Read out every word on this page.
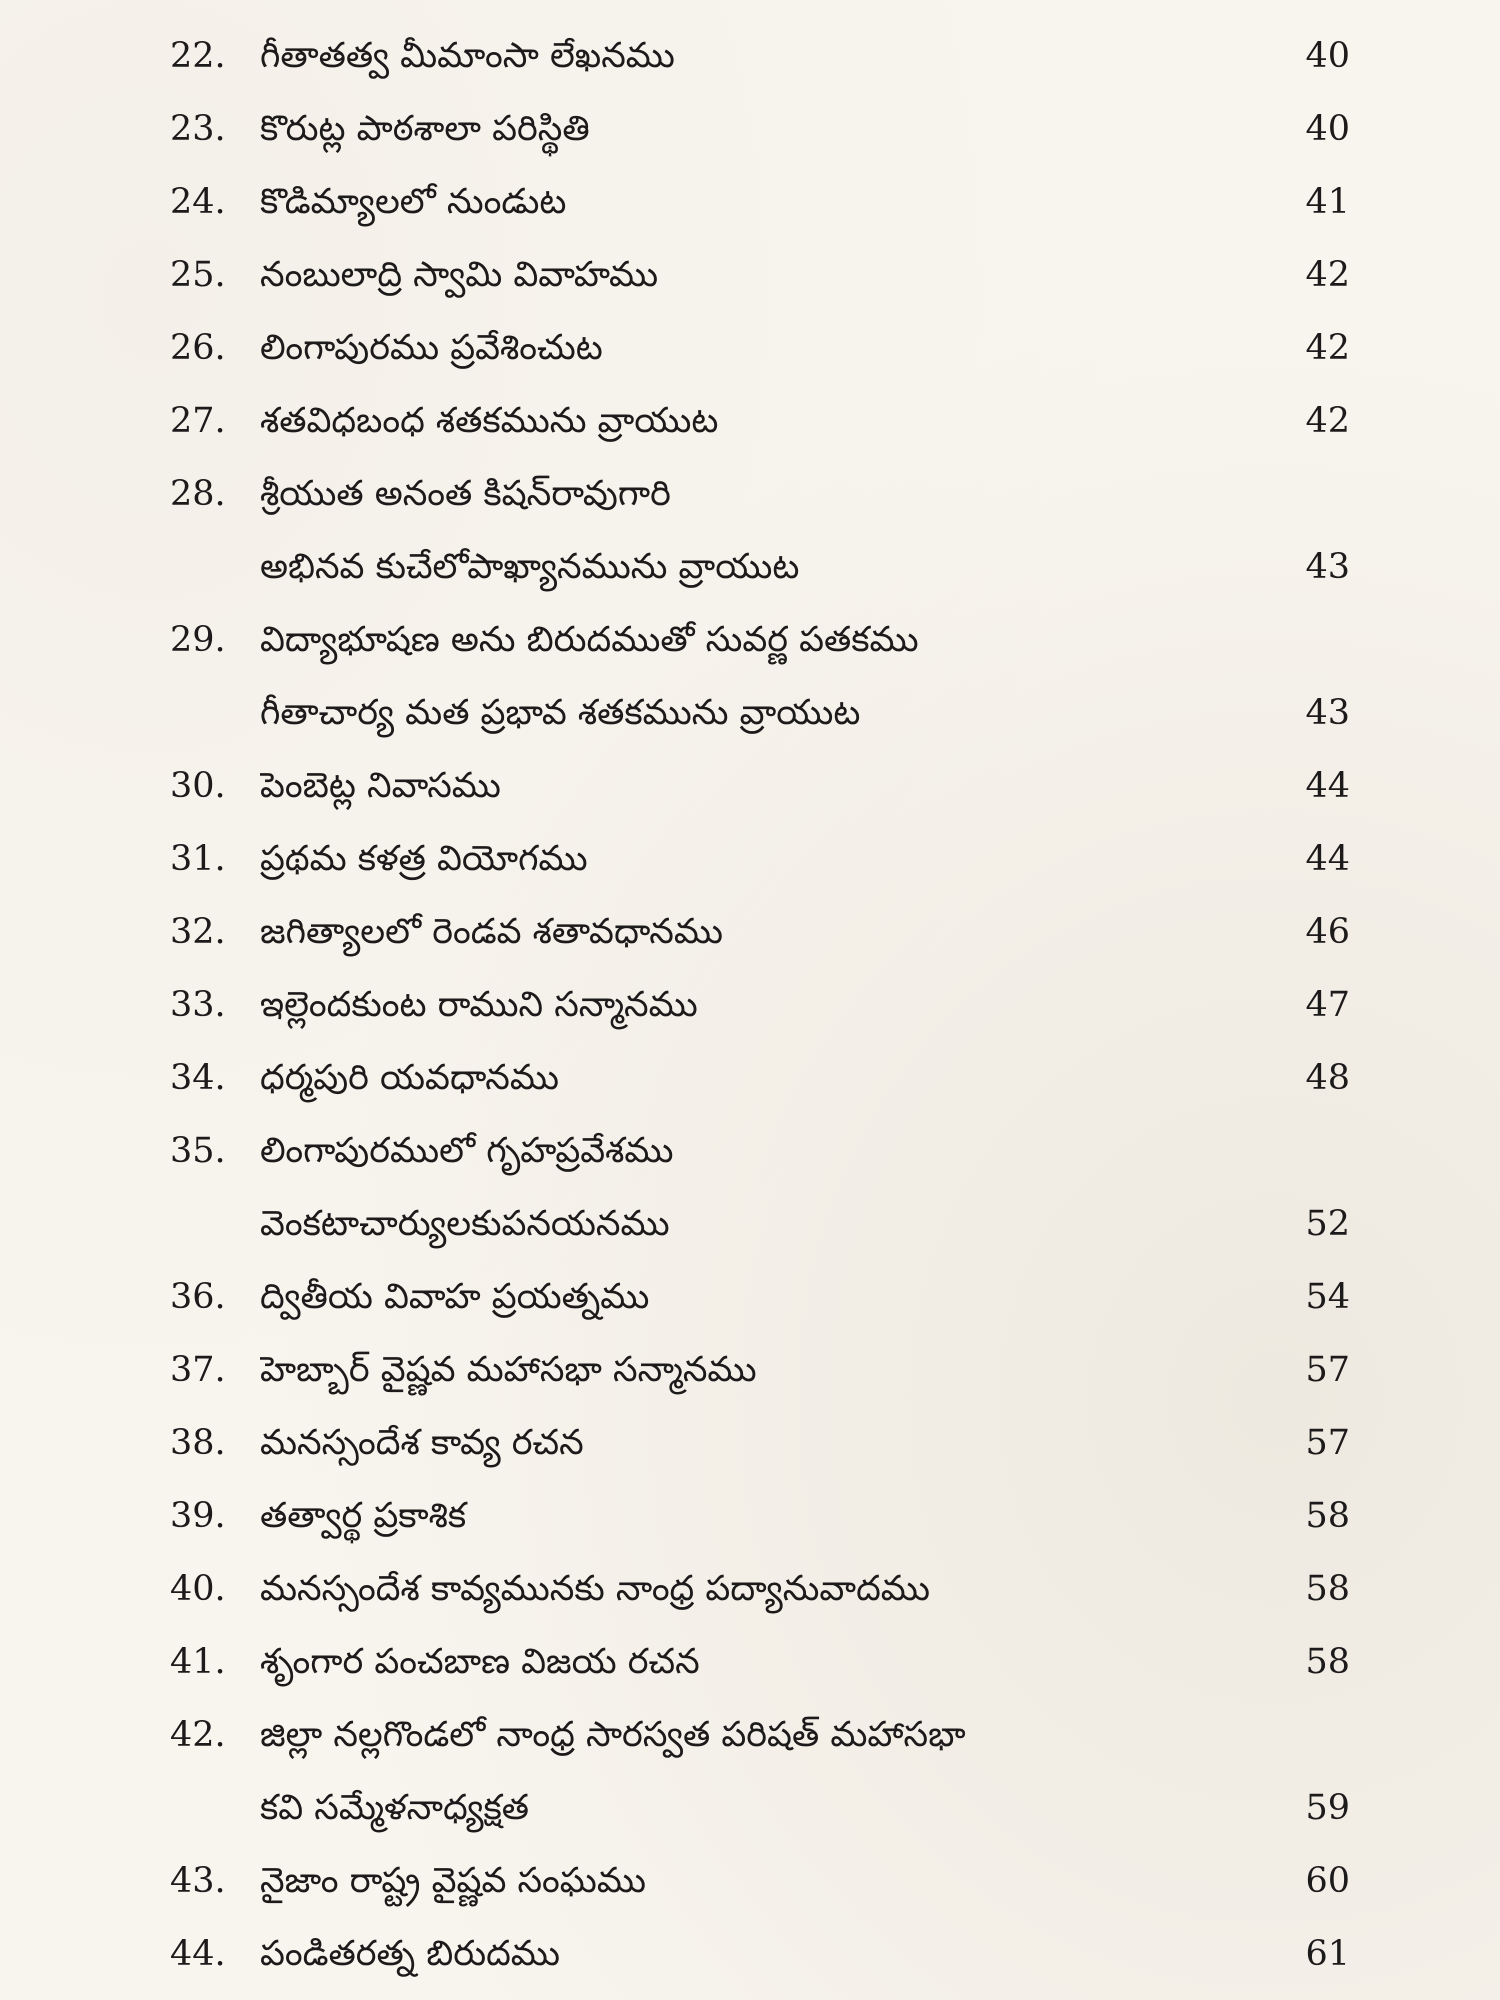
22. గీతాతత్వ మీమాంసా లేఖనము	40
23. కొరుట్ల పాఠశాలా పరిస్థితి	40
24. కొడిమ్యాలలో నుండుట	41
25. నంబులాద్రి స్వామి వివాహము	42
26. లింగాపురము ప్రవేశించుట	42
27. శతవిధబంధ శతకమును వ్రాయుట	42
28. శ్రీయుత అనంత కిషన్‌రావుగారి
అభినవ కుచేలోపాఖ్యానమును వ్రాయుట	43
29. విద్యాభూషణ అను బిరుదముతో సువర్ణ పతకము
గీతాచార్య మత ప్రభావ శతకమును వ్రాయుట	43
30. పెంబెట్ల నివాసము	44
31. ప్రథమ కళత్ర వియోగము	44
32. జగిత్యాలలో రెండవ శతావధానము	46
33. ఇల్లెందకుంట రాముని సన్మానము	47
34. ధర్మపురి యవధానము	48
35. లింగాపురములో గృహప్రవేశము
వెంకటాచార్యులకుపనయనము	52
36. ద్వితీయ వివాహ ప్రయత్నము	54
37. హెబ్బార్ వైష్ణవ మహాసభా సన్మానము	57
38. మనస్సందేశ కావ్య రచన	57
39. తత్వార్థ ప్రకాశిక	58
40. మనస్సందేశ కావ్యమునకు నాంధ్ర పద్యానువాదము	58
41. శృంగార పంచబాణ విజయ రచన	58
42. జిల్లా నల్లగొండలో నాంధ్ర సారస్వత పరిషత్ మహాసభా
కవి సమ్మేళనాధ్యక్షత	59
43. నైజాం రాష్ట్ర వైష్ణవ సంఘము	60
44. పండితరత్న బిరుదము	61
